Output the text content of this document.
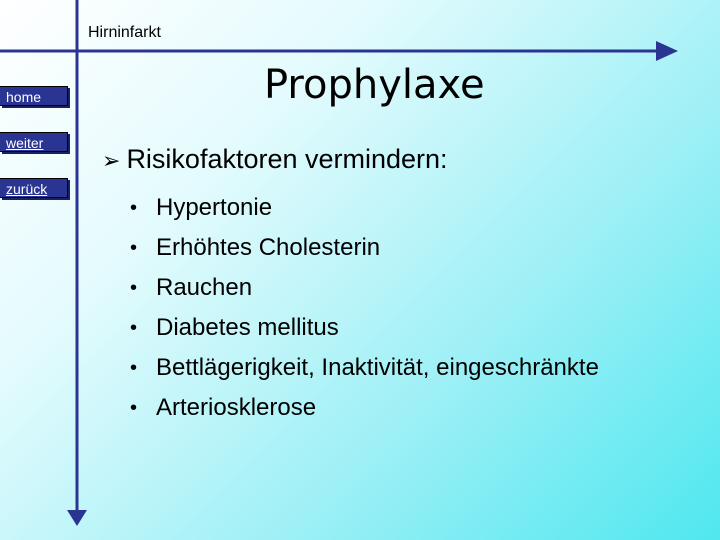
Hirninfarkt
home
weiter
zurück
Prophylaxe
➢ Risikofaktoren vermindern:
• Hypertonie
• Erhöhtes Cholesterin
• Rauchen
• Diabetes mellitus
• Bettlägerigkeit, Inaktivität, eingeschränkte
• Arteriosklerose
